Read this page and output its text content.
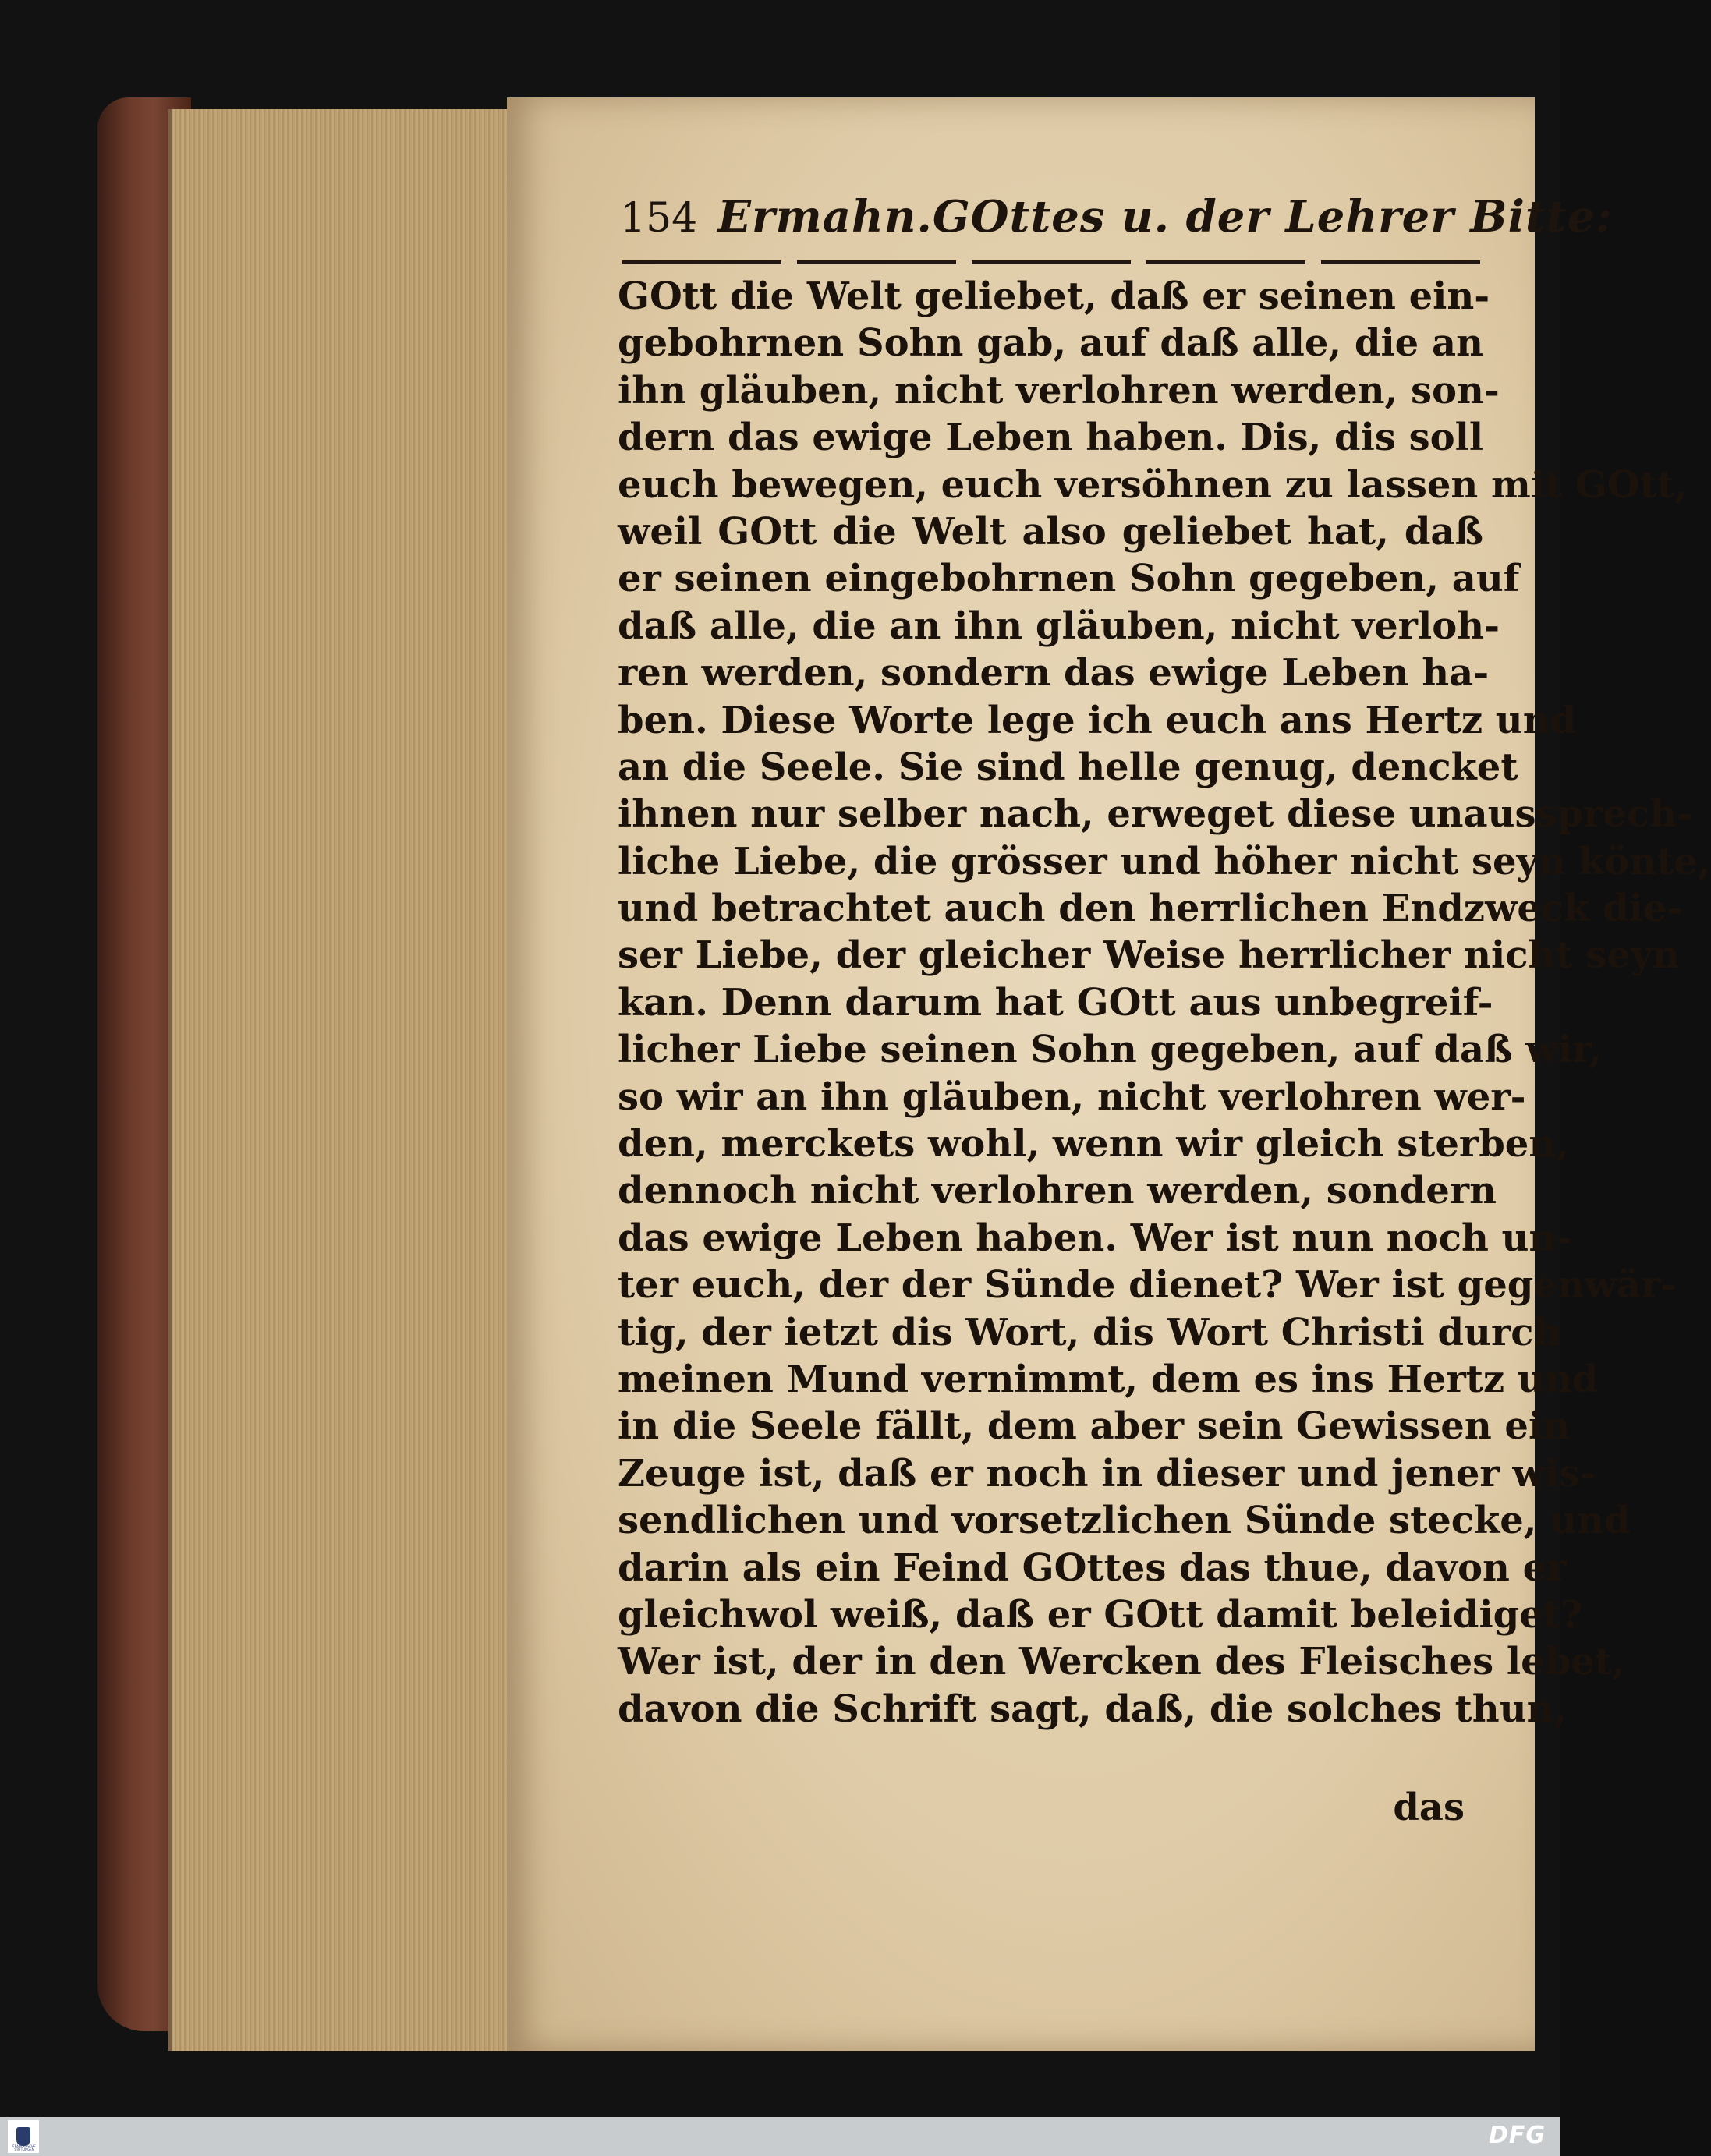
154 Ermahn.GOttes u. der Lehrer Bitte:
GOtt die Welt geliebet, daß er seinen ein-
gebohrnen Sohn gab, auf daß alle, die an
ihn gläuben, nicht verlohren werden, son-
dern das ewige Leben haben. Dis, dis soll
euch bewegen, euch versöhnen zu lassen mit GOtt,
weil GOtt die Welt also geliebet hat, daß
er seinen eingebohrnen Sohn gegeben, auf
daß alle, die an ihn gläuben, nicht verloh-
ren werden, sondern das ewige Leben ha-
ben. Diese Worte lege ich euch ans Hertz und
an die Seele. Sie sind helle genug, dencket
ihnen nur selber nach, erweget diese unaussprech-
liche Liebe, die grösser und höher nicht seyn könte,
und betrachtet auch den herrlichen Endzweck die-
ser Liebe, der gleicher Weise herrlicher nicht seyn
kan. Denn darum hat GOtt aus unbegreif-
licher Liebe seinen Sohn gegeben, auf daß wir,
so wir an ihn gläuben, nicht verlohren wer-
den, merckets wohl, wenn wir gleich sterben,
dennoch nicht verlohren werden, sondern
das ewige Leben haben. Wer ist nun noch un-
ter euch, der der Sünde dienet? Wer ist gegenwär-
tig, der ietzt dis Wort, dis Wort Christi durch
meinen Mund vernimmt, dem es ins Hertz und
in die Seele fällt, dem aber sein Gewissen ein
Zeuge ist, daß er noch in dieser und jener wis-
sendlichen und vorsetzlichen Sünde stecke, und
darin als ein Feind GOttes das thue, davon er
gleichwol weiß, daß er GOtt damit beleidiget?
Wer ist, der in den Wercken des Fleisches lebet,
davon die Schrift sagt, daß, die solches thun,
das
FRANCKESCHE STIFTUNGEN
DFG
